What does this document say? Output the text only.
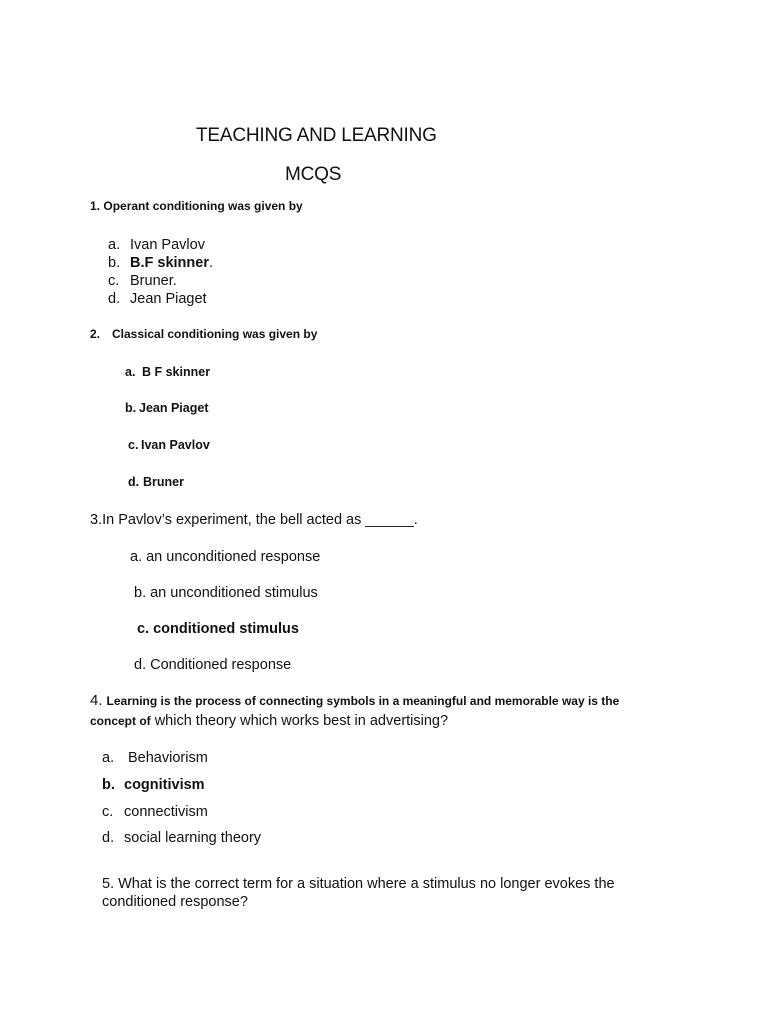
TEACHING AND LEARNING
MCQS
1. Operant conditioning was given by
a. Ivan Pavlov
b. B.F skinner.
c. Bruner.
d. Jean Piaget
2. Classical conditioning was given by
a. B F skinner
b. Jean Piaget
c. Ivan Pavlov
d. Bruner
3.In Pavlov’s experiment, the bell acted as ______.
a. an unconditioned response
b. an unconditioned stimulus
c. conditioned stimulus
d. Conditioned response
4. Learning is the process of connecting symbols in a meaningful and memorable way is the
concept of which theory which works best in advertising?
a. Behaviorism
b. cognitivism
c. connectivism
d. social learning theory
5. What is the correct term for a situation where a stimulus no longer evokes the
conditioned response?
